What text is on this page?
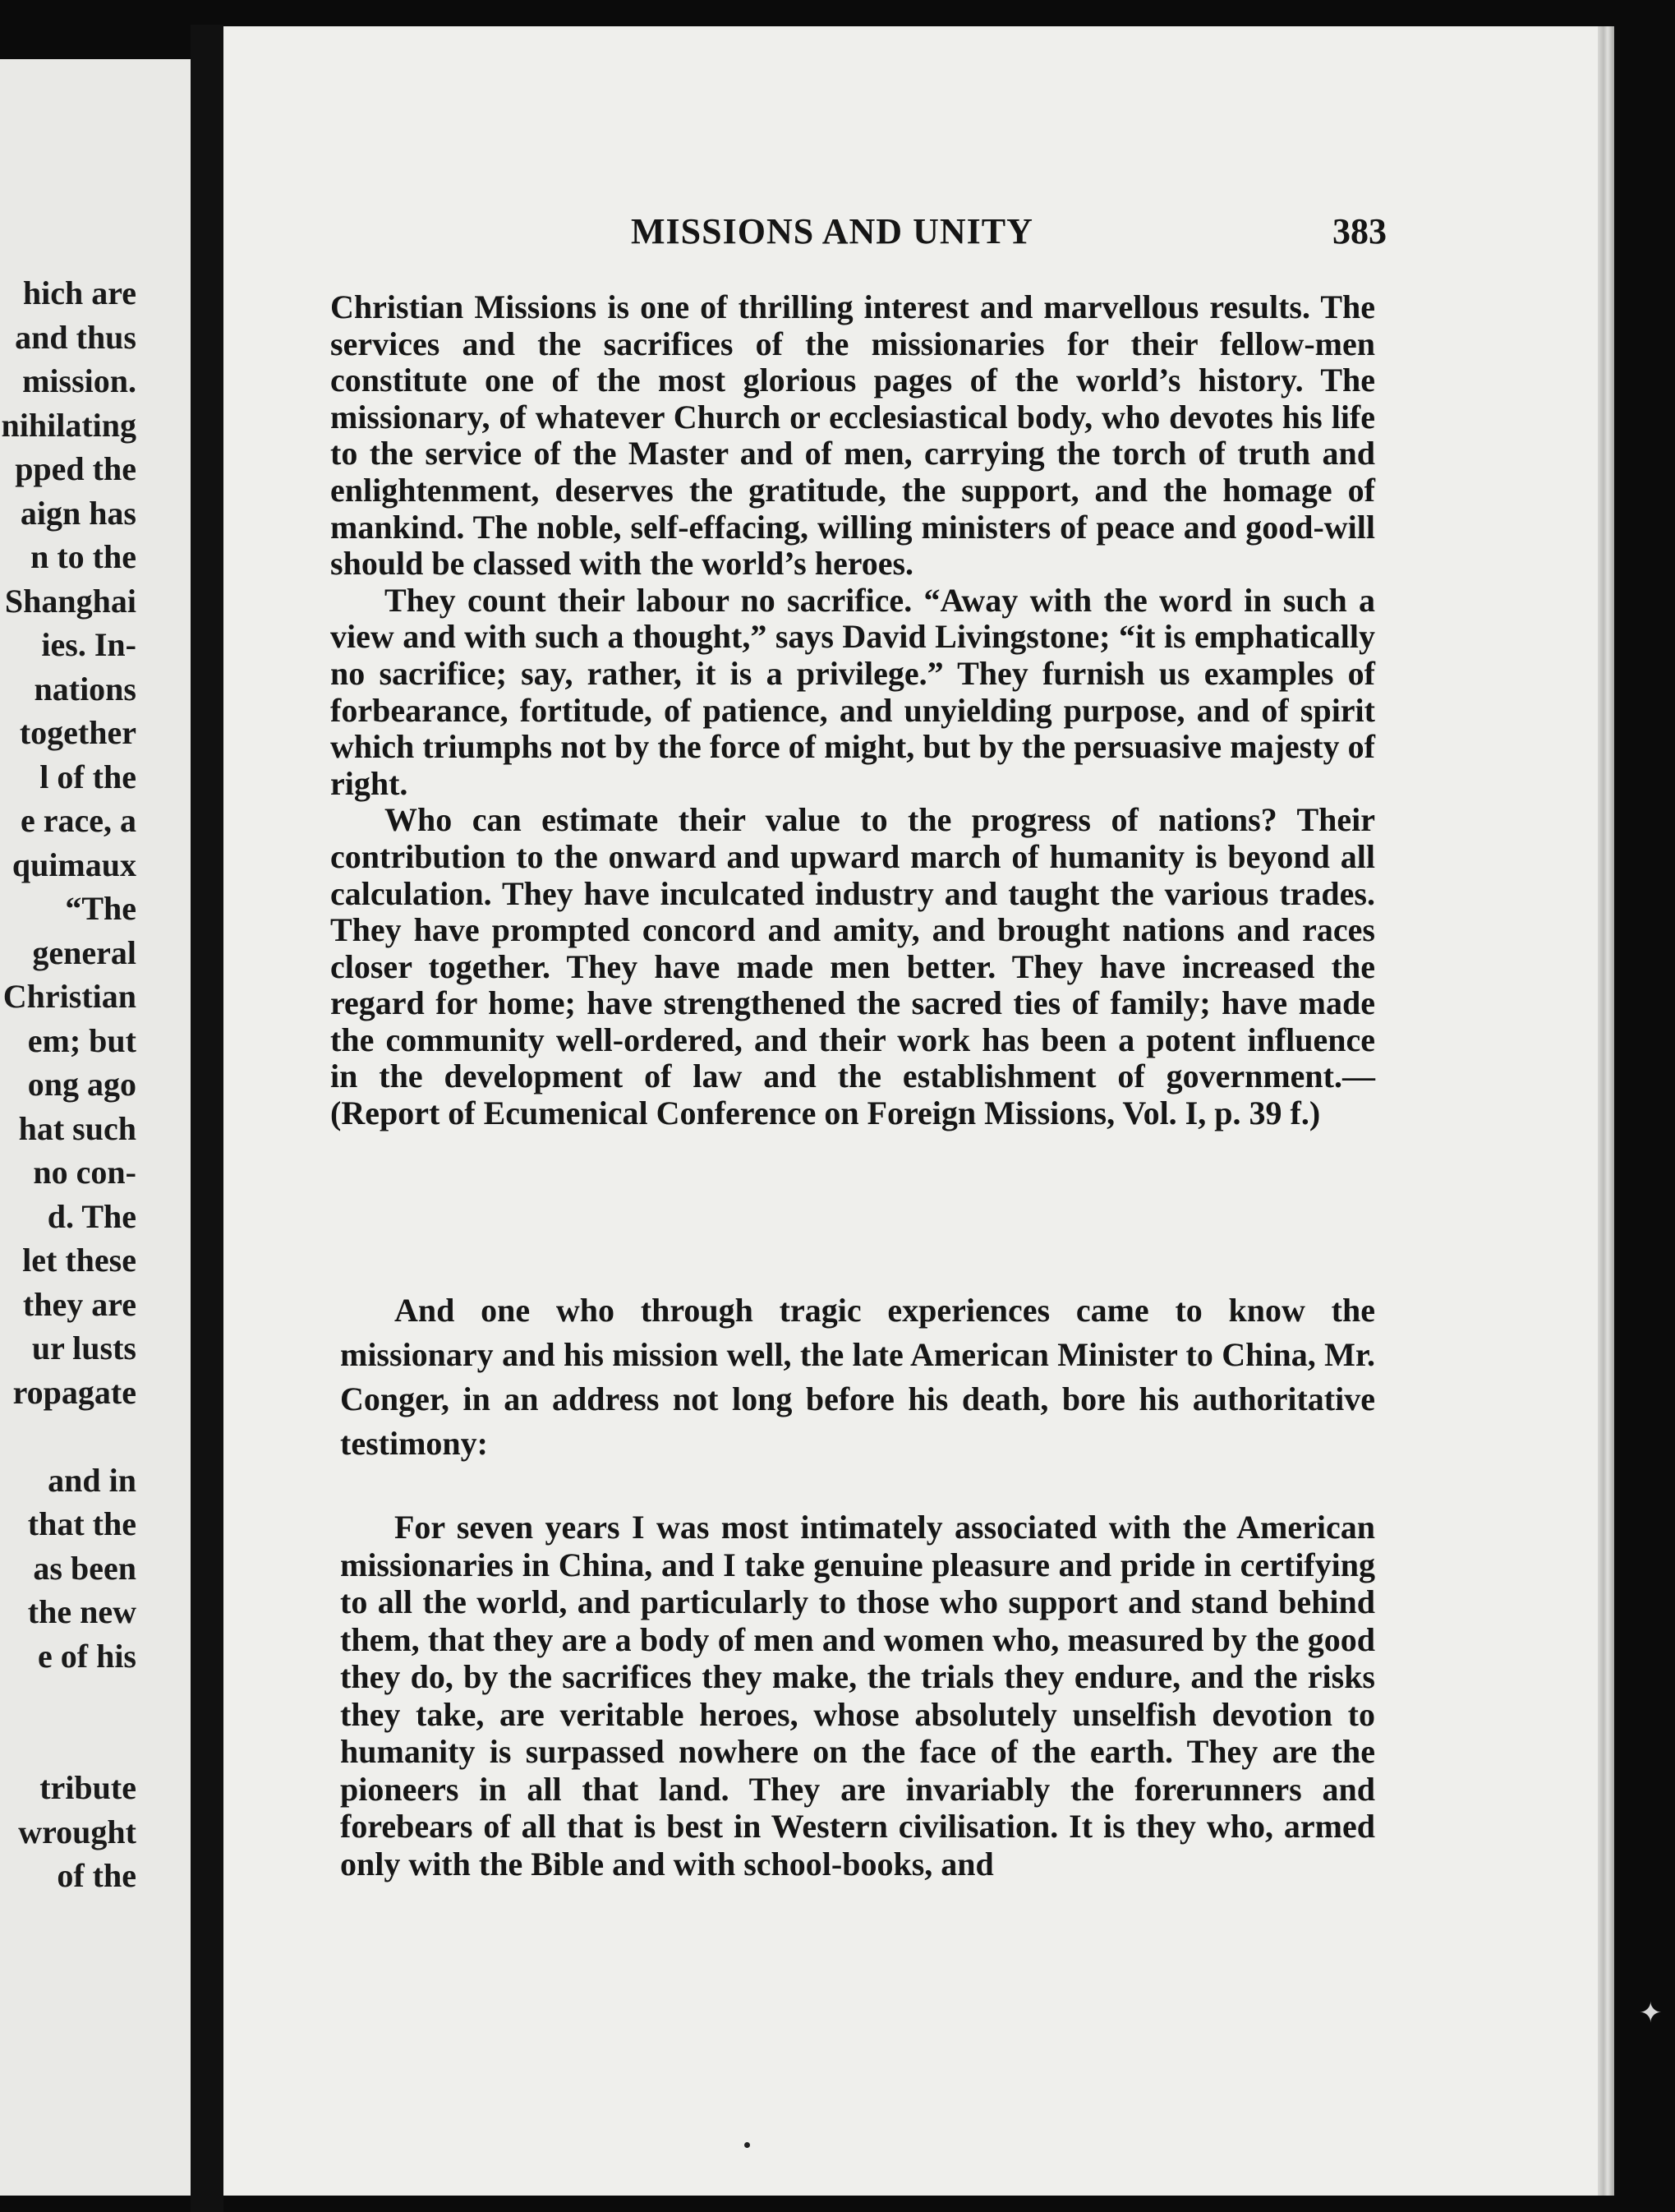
hich are
and thus
mission.
nihilating
pped the
aign has
n to the
Shanghai
ies. In-
nations
together
l of the
e race, a
quimaux
“The
general
Christian
em; but
ong ago
hat such
no con-
d. The
let these
they are
ur lusts
ropagate
and in
that the
as been
the new
e of his
tribute
wrought
of the
MISSIONS AND UNITY	383

Christian Missions is one of thrilling interest and marvellous results. The services and the sacrifices of the missionaries for their fellow-men constitute one of the most glorious pages of the world’s history. The missionary, of whatever Church or ecclesiastical body, who devotes his life to the service of the Master and of men, carrying the torch of truth and enlightenment, deserves the gratitude, the support, and the homage of mankind. The noble, self-effacing, willing ministers of peace and good-will should be classed with the world’s heroes.

They count their labour no sacrifice. “Away with the word in such a view and with such a thought,” says David Livingstone; “it is emphatically no sacrifice; say, rather, it is a privilege.” They furnish us examples of forbearance, fortitude, of patience, and unyielding purpose, and of spirit which triumphs not by the force of might, but by the persuasive majesty of right.

Who can estimate their value to the progress of nations? Their contribution to the onward and upward march of humanity is beyond all calculation. They have inculcated industry and taught the various trades. They have prompted concord and amity, and brought nations and races closer together. They have made men better. They have increased the regard for home; have strengthened the sacred ties of family; have made the community well-ordered, and their work has been a potent influence in the development of law and the establishment of government.— (Report of Ecumenical Conference on Foreign Missions, Vol. I, p. 39 f.)

And one who through tragic experiences came to know the missionary and his mission well, the late American Minister to China, Mr. Conger, in an address not long before his death, bore his authoritative testimony:

For seven years I was most intimately associated with the American missionaries in China, and I take genuine pleasure and pride in certifying to all the world, and particularly to those who support and stand behind them, that they are a body of men and women who, measured by the good they do, by the sacrifices they make, the trials they endure, and the risks they take, are veritable heroes, whose absolutely unselfish devotion to humanity is surpassed nowhere on the face of the earth. They are the pioneers in all that land. They are invariably the forerunners and forebears of all that is best in Western civilisation. It is they who, armed only with the Bible and with school-books, and

✦
